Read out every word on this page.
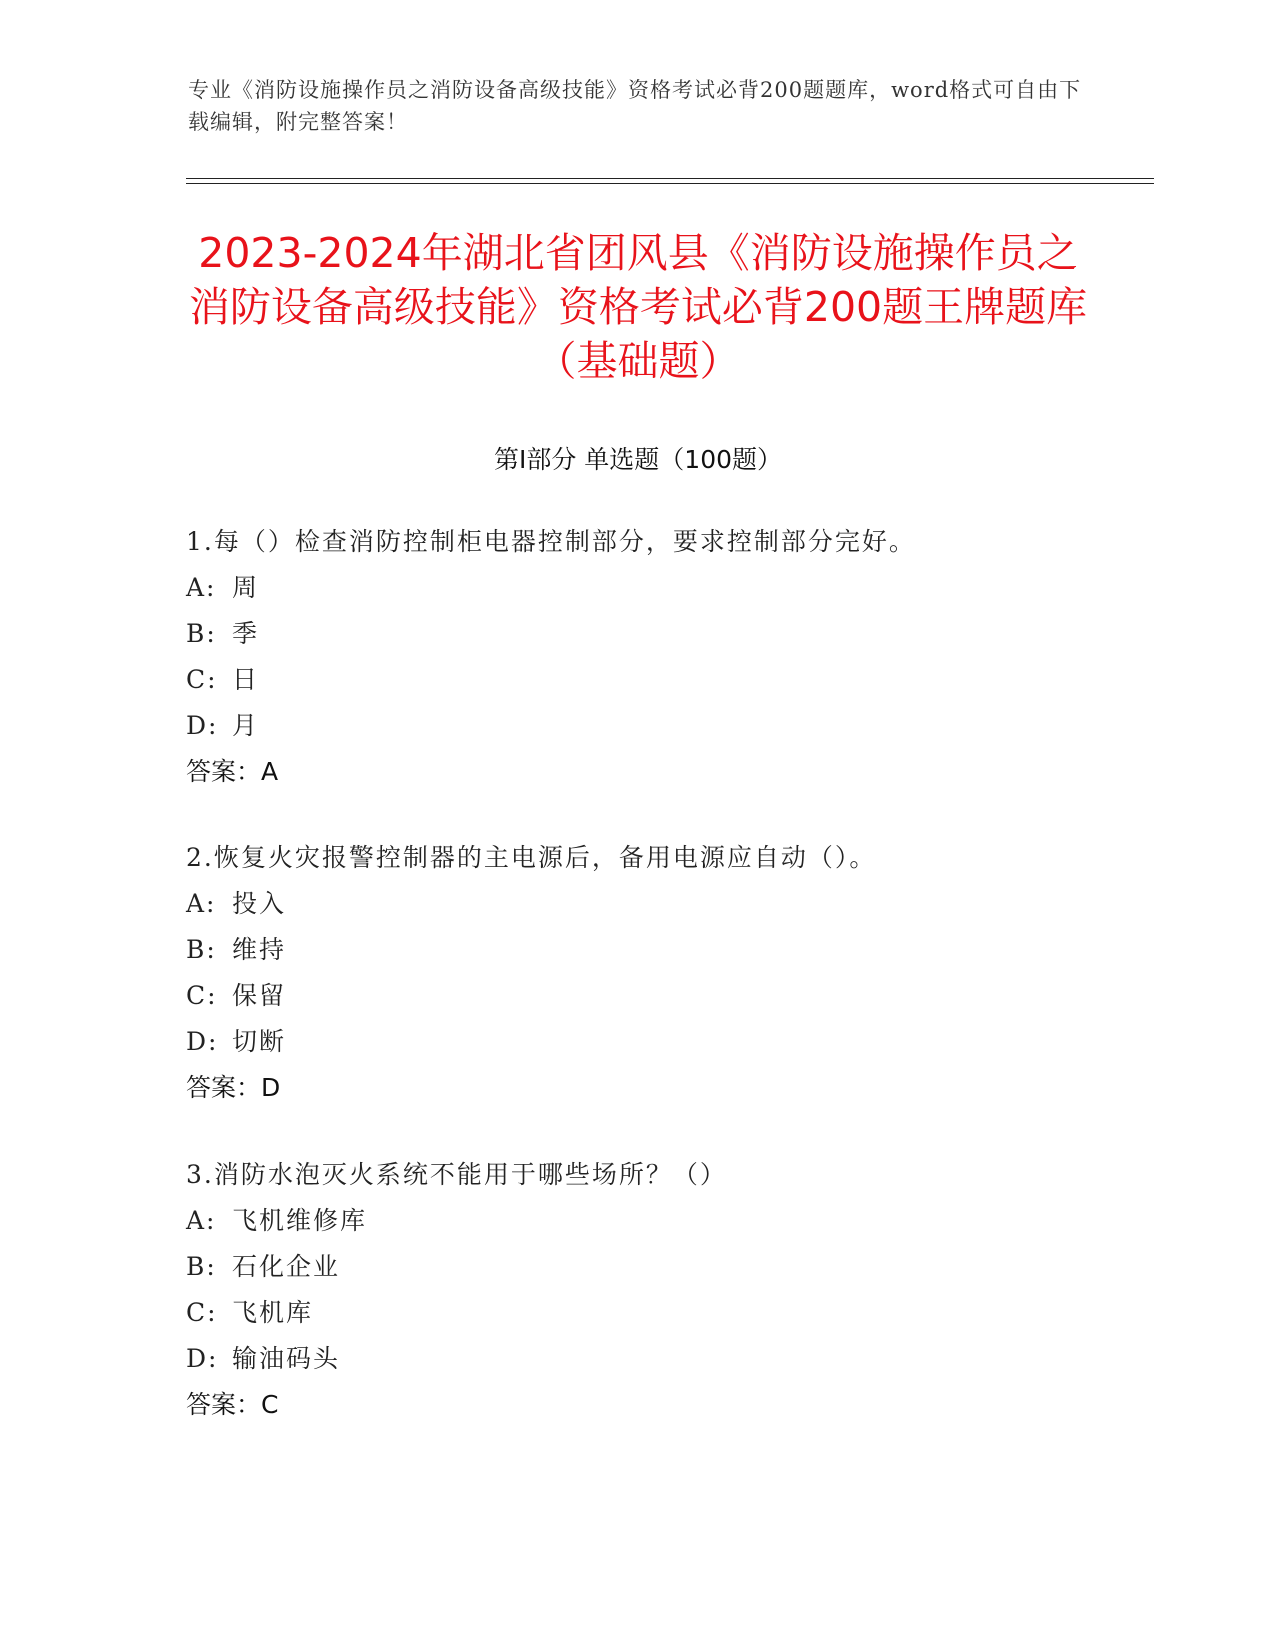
专业《消防设施操作员之消防设备高级技能》资格考试必背200题题库，word格式可自由下载编辑，附完整答案！
2023-2024年湖北省团风县《消防设施操作员之消防设备高级技能》资格考试必背200题王牌题库（基础题）
第I部分 单选题（100题）
1.每（）检查消防控制柜电器控制部分，要求控制部分完好。
A: 周
B: 季
C: 日
D: 月
答案：A
2.恢复火灾报警控制器的主电源后，备用电源应自动（）。
A: 投入
B: 维持
C: 保留
D: 切断
答案：D
3.消防水泡灭火系统不能用于哪些场所？（）
A: 飞机维修库
B: 石化企业
C: 飞机库
D: 输油码头
答案：C
